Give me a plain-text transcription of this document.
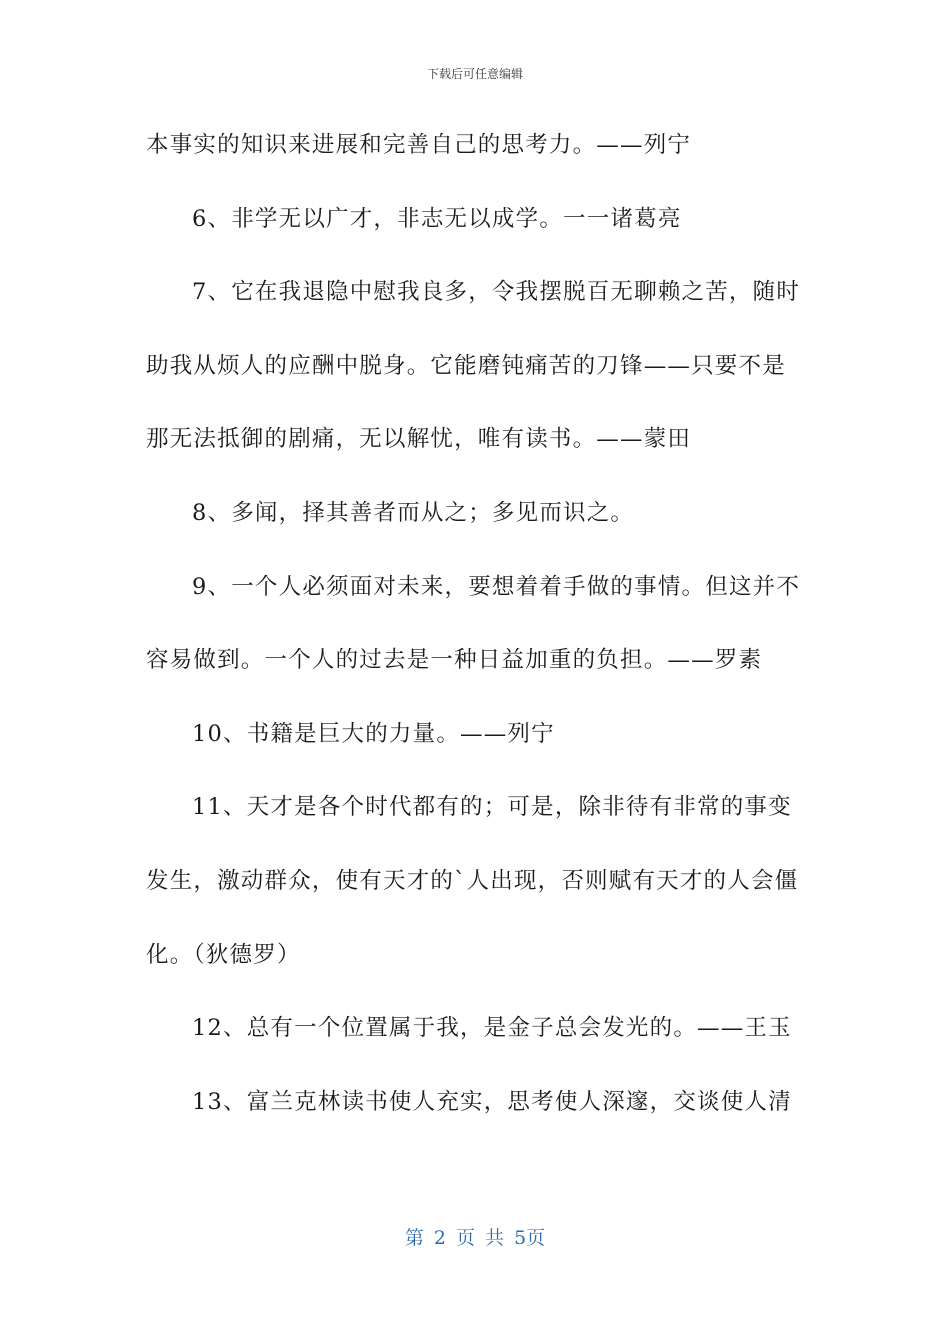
下载后可任意编辑
本事实的知识来进展和完善自己的思考力。——列宁
6、非学无以广才，非志无以成学。一一诸葛亮
7、它在我退隐中慰我良多，令我摆脱百无聊赖之苦，随时
助我从烦人的应酬中脱身。它能磨钝痛苦的刀锋——只要不是
那无法抵御的剧痛，无以解忧，唯有读书。——蒙田
8、多闻，择其善者而从之；多见而识之。
9、一个人必须面对未来，要想着着手做的事情。但这并不
容易做到。一个人的过去是一种日益加重的负担。——罗素
10、书籍是巨大的力量。——列宁
11、天才是各个时代都有的；可是，除非待有非常的事变
发生，激动群众，使有天才的`人出现，否则赋有天才的人会僵
化。（狄德罗）
12、总有一个位置属于我，是金子总会发光的。——王玉
13、富兰克林读书使人充实，思考使人深邃，交谈使人清
第 2 页 共 5页
